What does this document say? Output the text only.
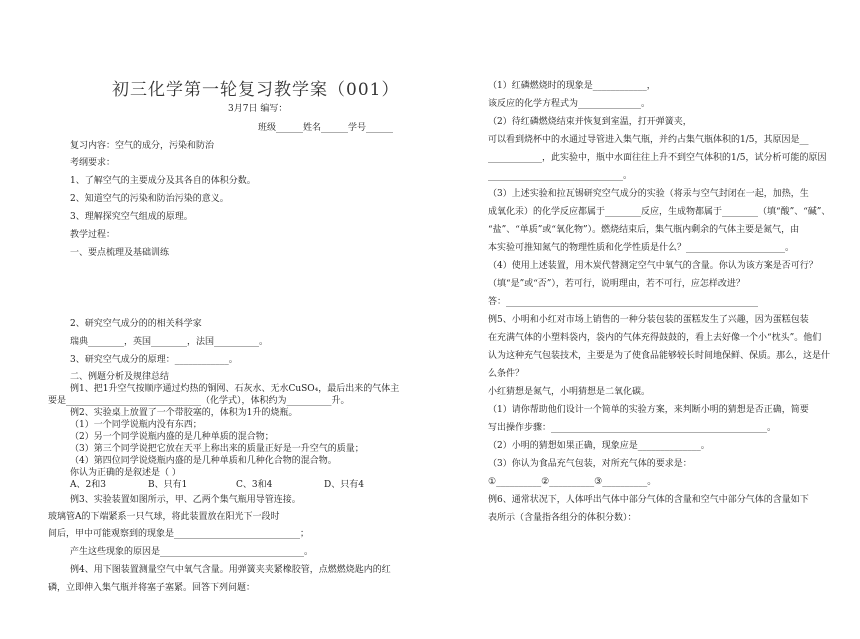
初三化学第一轮复习教学案（001）
3月7日 编写：
班级______姓名______学号______
复习内容：空气的成分，污染和防治
考纲要求：
1、了解空气的主要成分及其各自的体积分数。
2、知道空气的污染和防治污染的意义。
3、理解探究空气组成的原理。
教学过程：
一、要点梳理及基础训练
2、研究空气成分的的相关科学家
瑞典________，英国________，法国__________。
3、研究空气成分的原理：____________。
二、例题分析及规律总结
例1、把1升空气按顺序通过灼热的铜网、石灰水、无水CuSO₄，最后出来的气体主
要是______________________________（化学式），体积约为__________升。
例2、实验桌上放置了一个带胶塞的，体积为1升的烧瓶。
（1）一个同学说瓶内没有东西；
（2）另一个同学说瓶内盛的是几种单质的混合物；
（3）第三个同学说把它放在天平上称出来的质量正好是一升空气的质量；
（4）第四位同学说烧瓶内盛的是几种单质和几种化合物的混合物。
你认为正确的是叙述是（ ）
A、2和3	B、只有1	C、3和4	D、只有4
例3、实验装置如图所示，甲、乙两个集气瓶用导管连接。
玻璃管A的下端紧系一只气球，将此装置放在阳光下一段时
间后，甲中可能观察到的现象是____________________________；
产生这些现象的原因是________________________________。
例4、用下图装置测量空气中氧气含量。用弹簧夹夹紧橡胶管，点燃燃烧匙内的红
磷，立即伸入集气瓶并将塞子塞紧。回答下列问题：
（1）红磷燃烧时的现象是____________，
该反应的化学方程式为______________。
（2）待红磷燃烧结束并恢复到室温，打开弹簧夹，
可以看到烧杯中的水通过导管进入集气瓶，并约占集气瓶体积的1/5，其原因是__
____________，此实验中，瓶中水面往往上升不到空气体积的1/5，试分析可能的原因
______________________________。
（3）上述实验和拉瓦锡研究空气成分的实验（将汞与空气封闭在一起，加热，生
成氧化汞）的化学反应都属于________反应，生成物都属于________（填“酸”、“碱”、
“盐”、“单质”或“氧化物”）。燃烧结束后，集气瓶内剩余的气体主要是氮气，由
本实验可推知氮气的物理性质和化学性质是什么？______________________。
（4）使用上述装置，用木炭代替测定空气中氧气的含量。你认为该方案是否可行？
（填“是”或“否”），若可行，说明理由，若不可行，应怎样改进？
答：________________________________________________________
例5、小明和小红对市场上销售的一种分装包装的蛋糕发生了兴趣，因为蛋糕包装
在充满气体的小塑料袋内，袋内的气体充得鼓鼓的，看上去好像一个小“枕头”。他们
认为这种充气包装技术，主要是为了使食品能够较长时间地保鲜、保质。那么，这是什
么条件？
小红猜想是氮气，小明猜想是二氧化碳。
（1）请你帮助他们设计一个简单的实验方案，来判断小明的猜想是否正确，简要
写出操作步骤：________________________________________________。
（2）小明的猜想如果正确，现象应是______________。
（3）你认为食品充气包装，对所充气体的要求是：
①__________②__________③__________。
例6、通常状况下，人体呼出气体中部分气体的含量和空气中部分气体的含量如下
表所示（含量指各组分的体积分数）：
